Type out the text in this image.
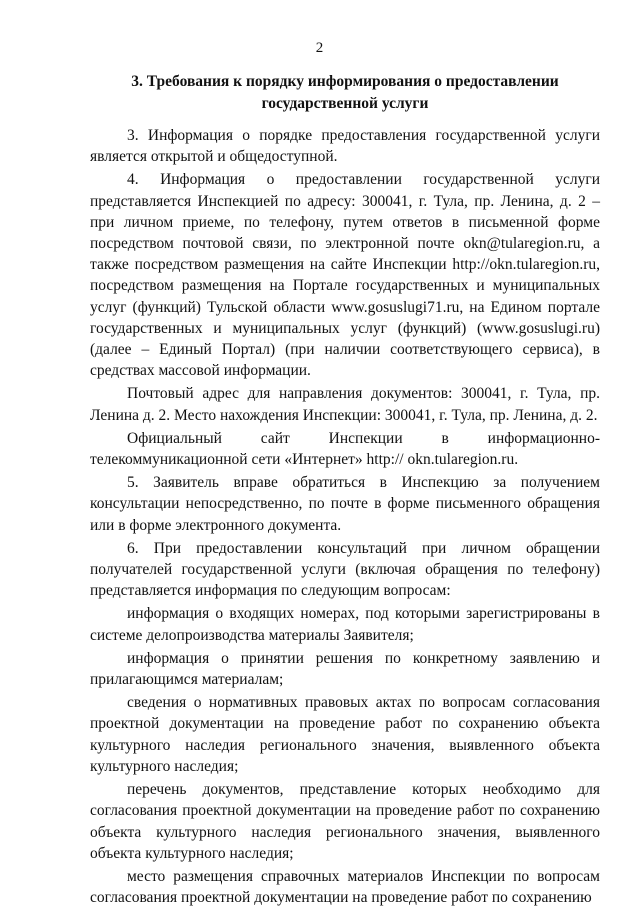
2
3. Требования к порядку информирования о предоставлении
государственной услуги

3. Информация о порядке предоставления государственной услуги является открытой и общедоступной.

4. Информация о предоставлении государственной услуги представляется Инспекцией по адресу: 300041, г. Тула, пр. Ленина, д. 2 – при личном приеме, по телефону, путем ответов в письменной форме посредством почтовой связи, по электронной почте okn@tularegion.ru, а также посредством размещения на сайте Инспекции http://okn.tularegion.ru, посредством размещения на Портале государственных и муниципальных услуг (функций) Тульской области www.gosuslugi71.ru, на Едином портале государственных и муниципальных услуг (функций) (www.gosuslugi.ru) (далее – Единый Портал) (при наличии соответствующего сервиса), в средствах массовой информации.

Почтовый адрес для направления документов: 300041, г. Тула, пр. Ленина д. 2. Место нахождения Инспекции: 300041, г. Тула, пр. Ленина, д. 2.

Официальный сайт Инспекции в информационно-телекоммуникационной сети «Интернет» http:// okn.tularegion.ru.

5. Заявитель вправе обратиться в Инспекцию за получением консультации непосредственно, по почте в форме письменного обращения или в форме электронного документа.

6. При предоставлении консультаций при личном обращении получателей государственной услуги (включая обращения по телефону) представляется информация по следующим вопросам:

информация о входящих номерах, под которыми зарегистрированы в системе делопроизводства материалы Заявителя;

информация о принятии решения по конкретному заявлению и прилагающимся материалам;

сведения о нормативных правовых актах по вопросам согласования проектной документации на проведение работ по сохранению объекта культурного наследия регионального значения, выявленного объекта культурного наследия;

перечень документов, представление которых необходимо для согласования проектной документации на проведение работ по сохранению объекта культурного наследия регионального значения, выявленного объекта культурного наследия;

место размещения справочных материалов Инспекции по вопросам согласования проектной документации на проведение работ по сохранению
